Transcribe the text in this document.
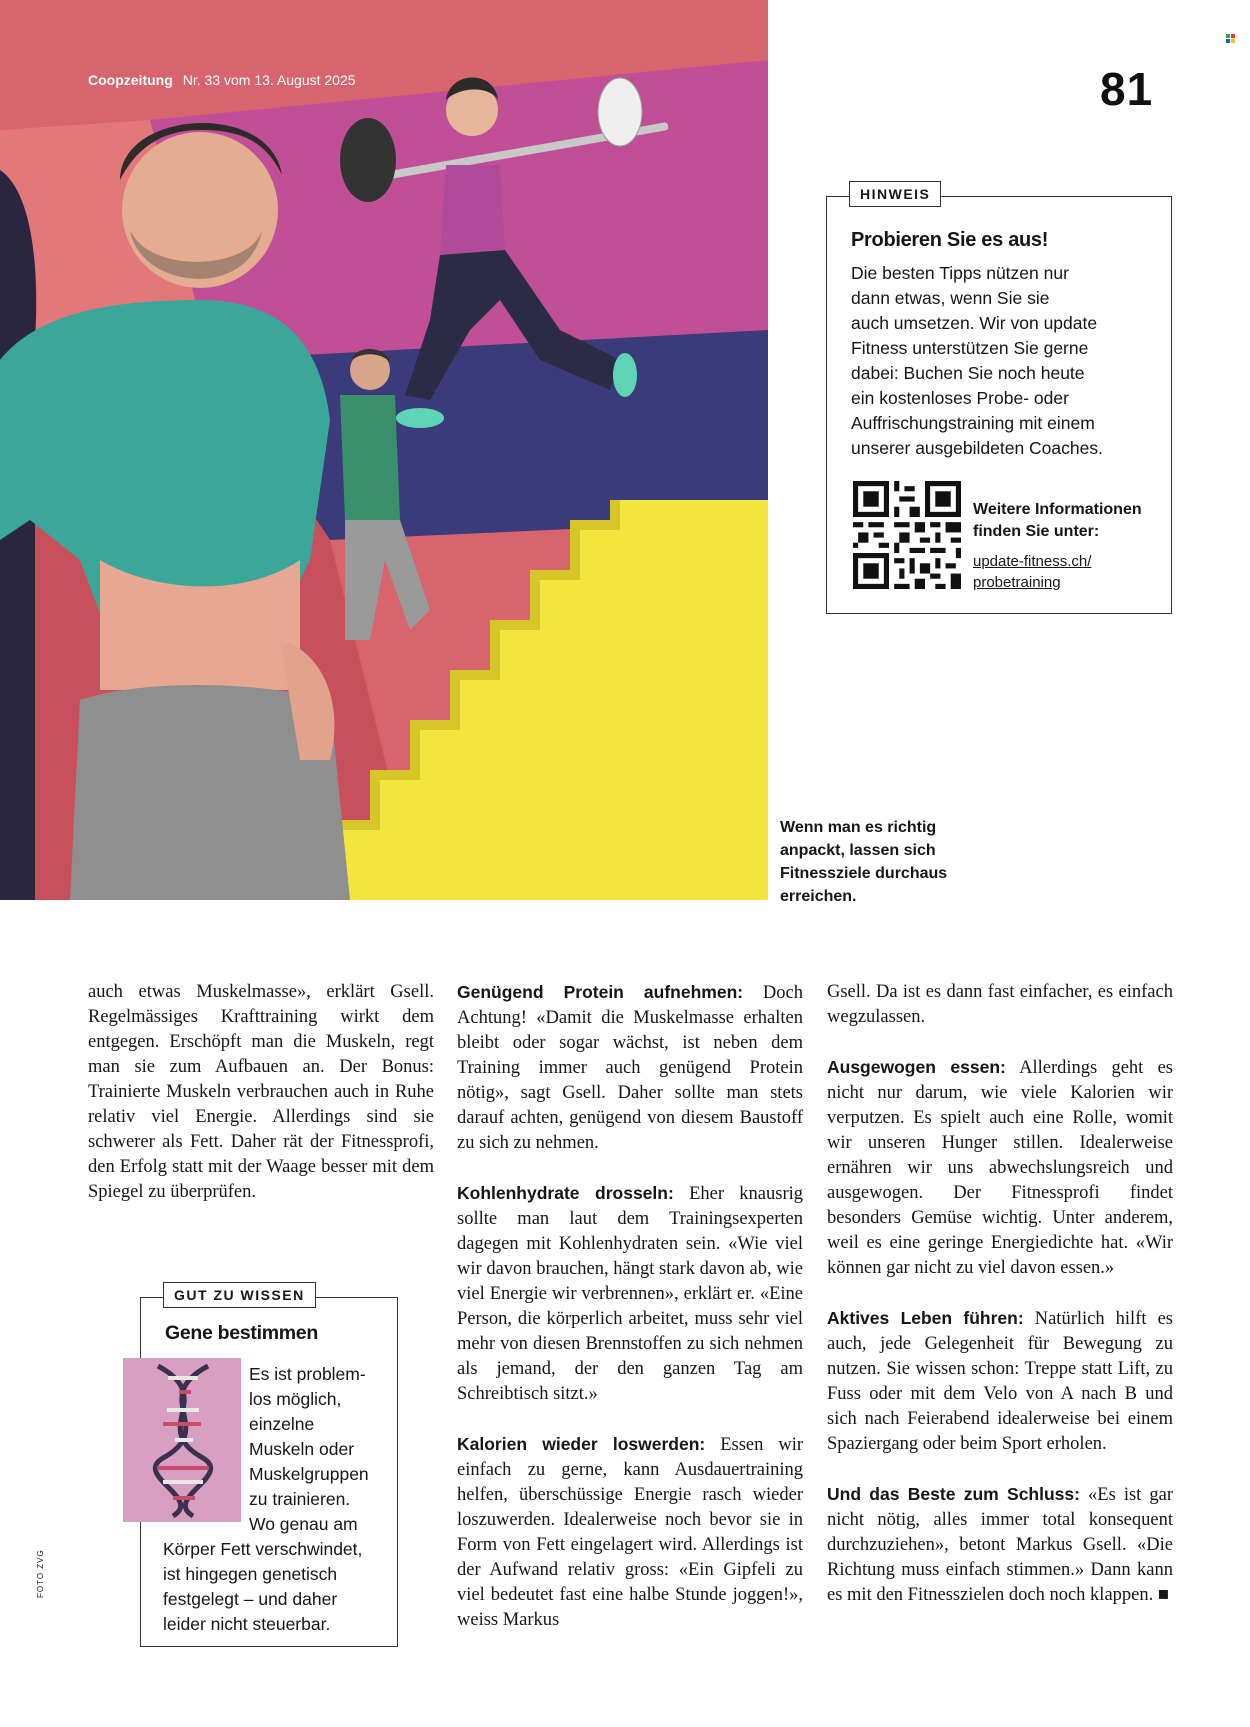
Coopzeitung Nr. 33 vom 13. August 2025	81
HINWEIS
Probieren Sie es aus!
Die besten Tipps nützen nur
dann etwas, wenn Sie sie
auch umsetzen. Wir von update
Fitness unterstützen Sie gerne
dabei: Buchen Sie noch heute
ein kostenloses Probe- oder
Auffrischungstraining mit einem
unserer ausgebildeten Coaches.
Weitere Informationen
finden Sie unter:
update-fitness.ch/
probetraining
Wenn man es richtig
anpackt, lassen sich
Fitnessziele durchaus
erreichen.

auch etwas Muskelmasse», erklärt Gsell. Regelmässiges Krafttraining wirkt dem entgegen. Erschöpft man die Muskeln, regt man sie zum Aufbauen an. Der Bonus: Trainierte Muskeln verbrauchen auch in Ruhe relativ viel Energie. Allerdings sind sie schwerer als Fett. Daher rät der Fitnessprofi, den Erfolg statt mit der Waage besser mit dem Spiegel zu überprüfen.

GUT ZU WISSEN
Gene bestimmen
Es ist problem-
los möglich,
einzelne
Muskeln oder
Muskelgruppen
zu trainieren.
Wo genau am
Körper Fett verschwindet,
ist hingegen genetisch
festgelegt – und daher
leider nicht steuerbar.
FOTO ZVG

Genügend Protein aufnehmen: Doch Achtung! «Damit die Muskelmasse erhalten bleibt oder sogar wächst, ist neben dem Training immer auch genügend Protein nötig», sagt Gsell. Daher sollte man stets darauf achten, genügend von diesem Baustoff zu sich zu nehmen.

Kohlenhydrate drosseln: Eher knausrig sollte man laut dem Trainingsexperten dagegen mit Kohlenhydraten sein. «Wie viel wir davon brauchen, hängt stark davon ab, wie viel Energie wir verbrennen», erklärt er. «Eine Person, die körperlich arbeitet, muss sehr viel mehr von diesen Brennstoffen zu sich nehmen als jemand, der den ganzen Tag am Schreibtisch sitzt.»

Kalorien wieder loswerden: Essen wir einfach zu gerne, kann Ausdauertraining helfen, überschüssige Energie rasch wieder loszuwerden. Idealerweise noch bevor sie in Form von Fett eingelagert wird. Allerdings ist der Aufwand relativ gross: «Ein Gipfeli zu viel bedeutet fast eine halbe Stunde joggen!», weiss Markus

Gsell. Da ist es dann fast einfacher, es einfach wegzulassen.

Ausgewogen essen: Allerdings geht es nicht nur darum, wie viele Kalorien wir verputzen. Es spielt auch eine Rolle, womit wir unseren Hunger stillen. Idealerweise ernähren wir uns abwechslungsreich und ausgewogen. Der Fitnessprofi findet besonders Gemüse wichtig. Unter anderem, weil es eine geringe Energiedichte hat. «Wir können gar nicht zu viel davon essen.»

Aktives Leben führen: Natürlich hilft es auch, jede Gelegenheit für Bewegung zu nutzen. Sie wissen schon: Treppe statt Lift, zu Fuss oder mit dem Velo von A nach B und sich nach Feierabend idealerweise bei einem Spaziergang oder beim Sport erholen.

Und das Beste zum Schluss: «Es ist gar nicht nötig, alles immer total konsequent durchzuziehen», betont Markus Gsell. «Die Richtung muss einfach stimmen.» Dann kann es mit den Fitnesszielen doch noch klappen. ■
